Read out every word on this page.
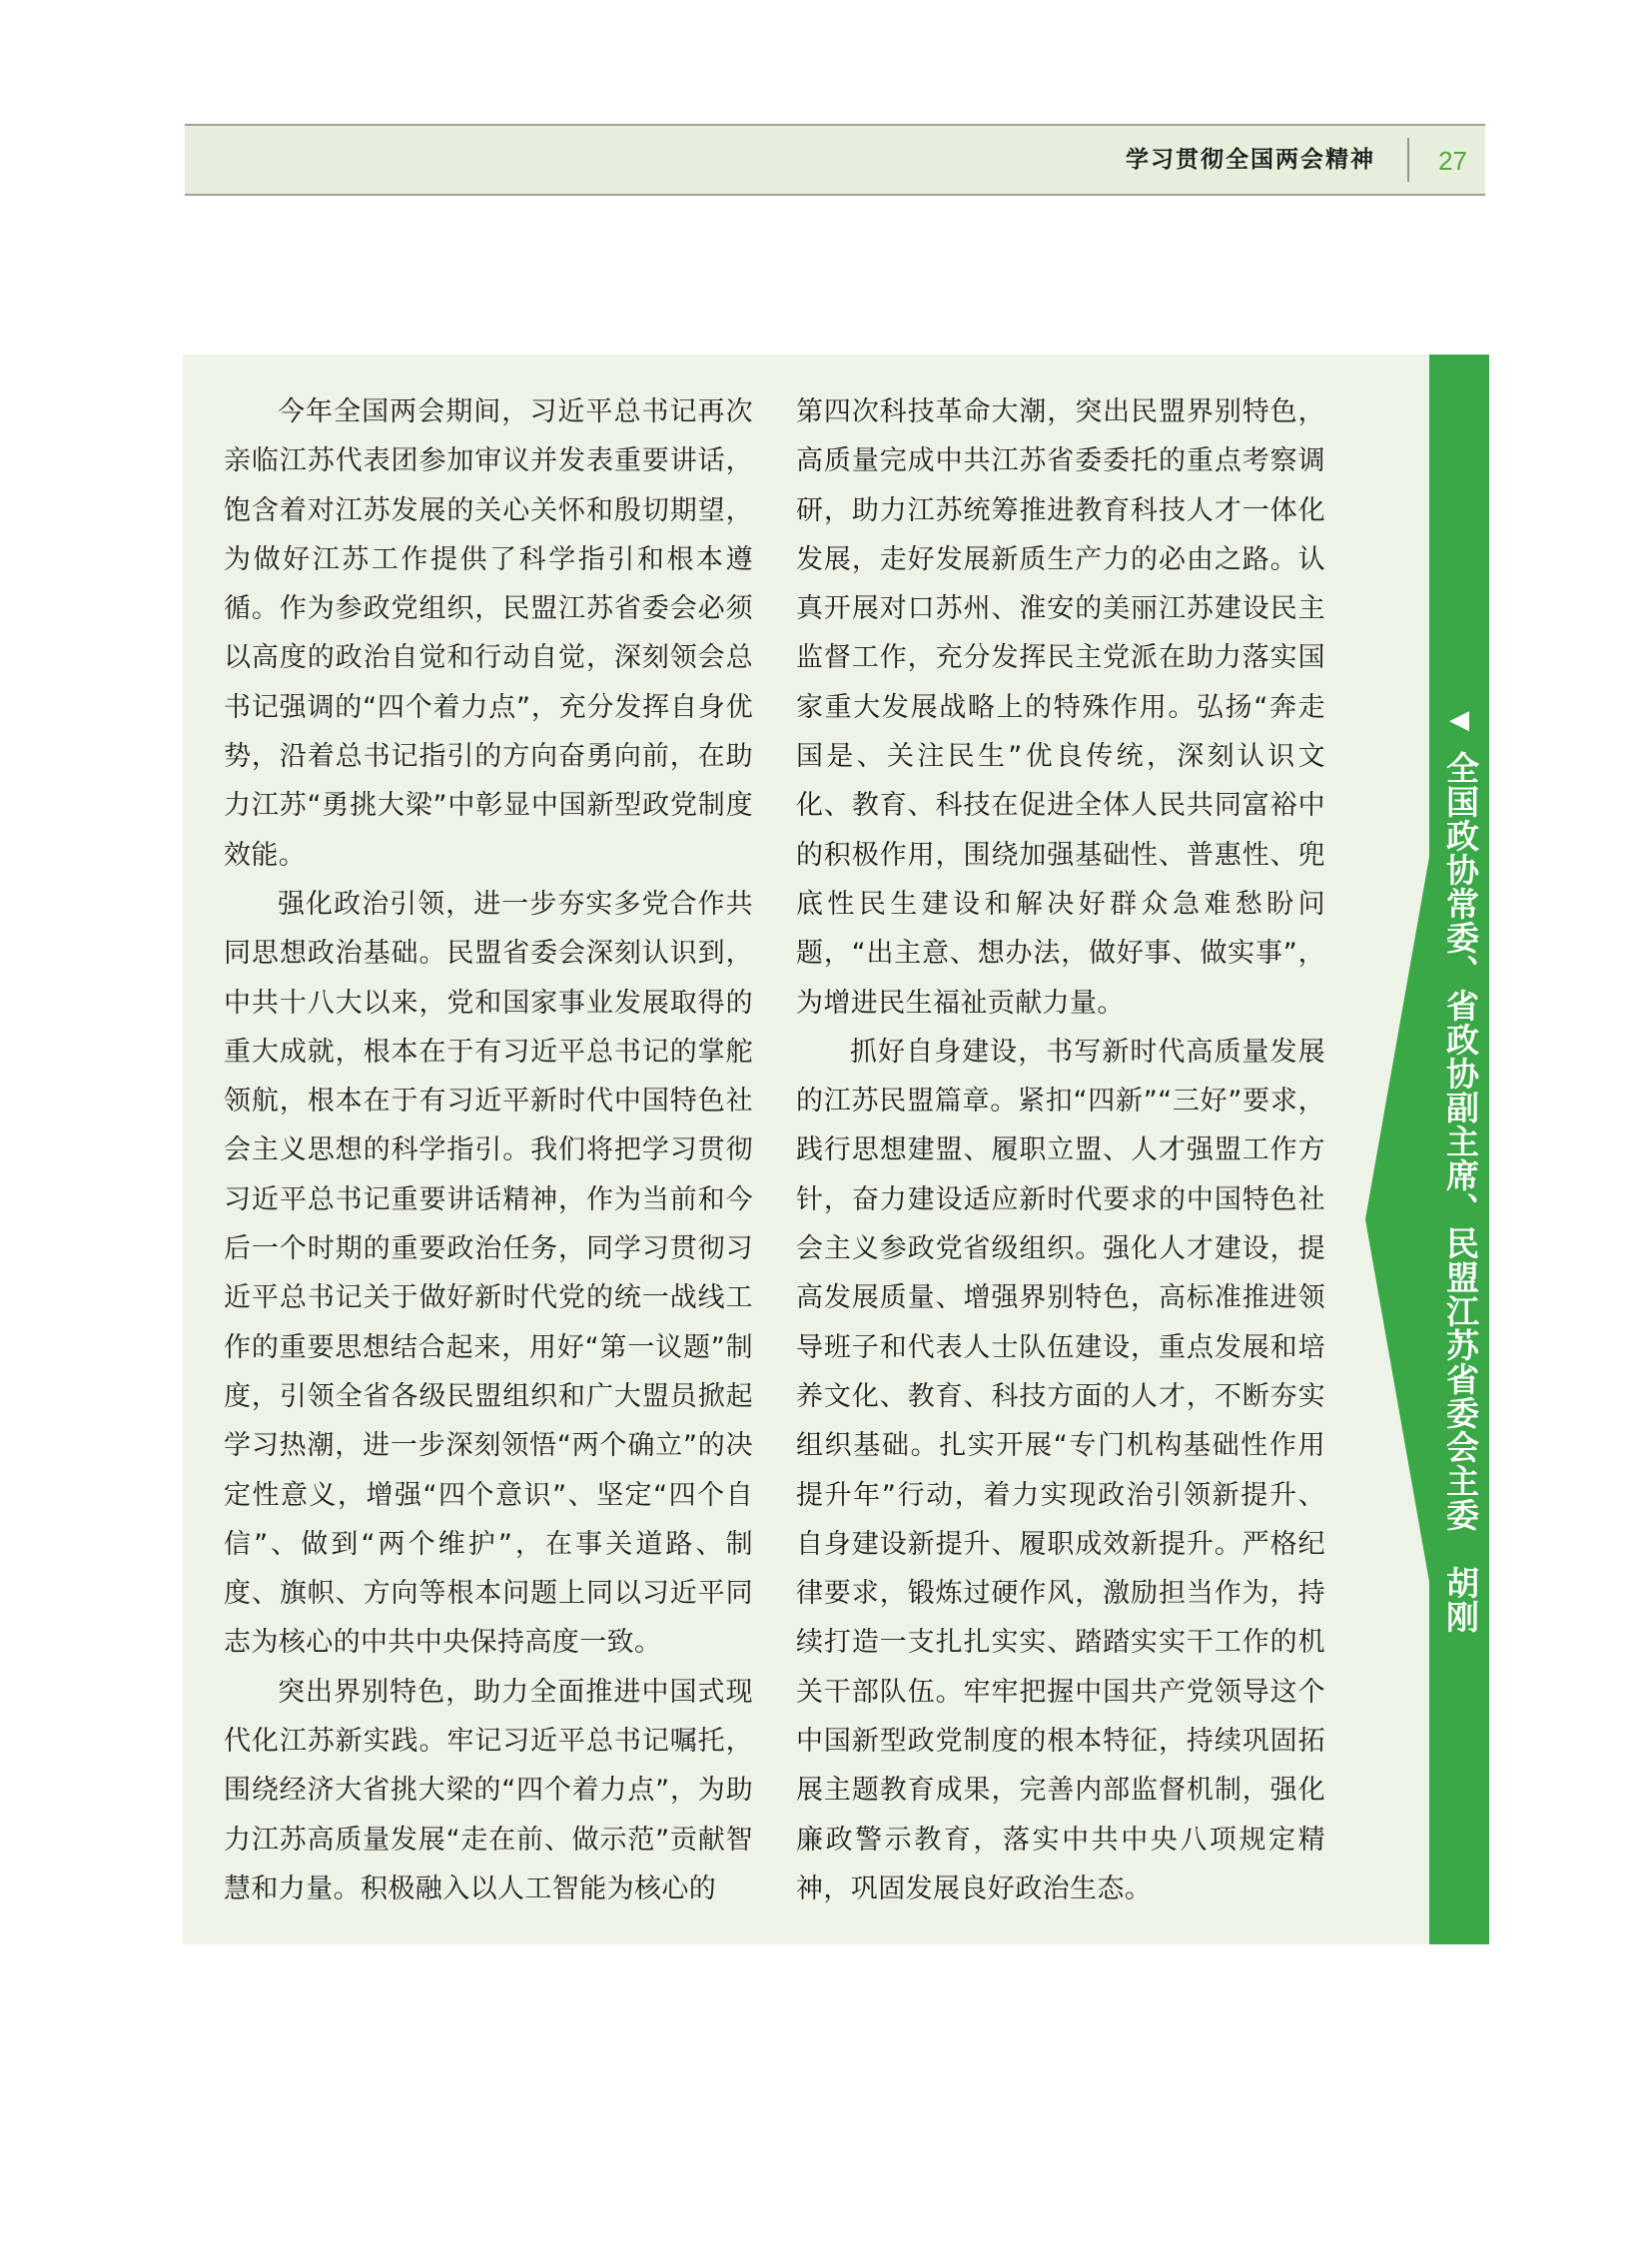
学习贯彻全国两会精神 27

今年全国两会期间，习近平总书记再次亲临江苏代表团参加审议并发表重要讲话，饱含着对江苏发展的关心关怀和殷切期望，为做好江苏工作提供了科学指引和根本遵循。作为参政党组织，民盟江苏省委会必须以高度的政治自觉和行动自觉，深刻领会总书记强调的“四个着力点”，充分发挥自身优势，沿着总书记指引的方向奋勇向前，在助力江苏“勇挑大梁”中彰显中国新型政党制度效能。

强化政治引领，进一步夯实多党合作共同思想政治基础。民盟省委会深刻认识到，中共十八大以来，党和国家事业发展取得的重大成就，根本在于有习近平总书记的掌舵领航，根本在于有习近平新时代中国特色社会主义思想的科学指引。我们将把学习贯彻习近平总书记重要讲话精神，作为当前和今后一个时期的重要政治任务，同学习贯彻习近平总书记关于做好新时代党的统一战线工作的重要思想结合起来，用好“第一议题”制度，引领全省各级民盟组织和广大盟员掀起学习热潮，进一步深刻领悟“两个确立”的决定性意义，增强“四个意识”、坚定“四个自信”、做到“两个维护”，在事关道路、制度、旗帜、方向等根本问题上同以习近平同志为核心的中共中央保持高度一致。

突出界别特色，助力全面推进中国式现代化江苏新实践。牢记习近平总书记嘱托，围绕经济大省挑大梁的“四个着力点”，为助力江苏高质量发展“走在前、做示范”贡献智慧和力量。积极融入以人工智能为核心的

第四次科技革命大潮，突出民盟界别特色，高质量完成中共江苏省委委托的重点考察调研，助力江苏统筹推进教育科技人才一体化发展，走好发展新质生产力的必由之路。认真开展对口苏州、淮安的美丽江苏建设民主监督工作，充分发挥民主党派在助力落实国家重大发展战略上的特殊作用。弘扬“奔走国是、关注民生”优良传统，深刻认识文化、教育、科技在促进全体人民共同富裕中的积极作用，围绕加强基础性、普惠性、兜底性民生建设和解决好群众急难愁盼问题，“出主意、想办法，做好事、做实事”，为增进民生福祉贡献力量。

抓好自身建设，书写新时代高质量发展的江苏民盟篇章。紧扣“四新”“三好”要求，践行思想建盟、履职立盟、人才强盟工作方针，奋力建设适应新时代要求的中国特色社会主义参政党省级组织。强化人才建设，提高发展质量、增强界别特色，高标准推进领导班子和代表人士队伍建设，重点发展和培养文化、教育、科技方面的人才，不断夯实组织基础。扎实开展“专门机构基础性作用提升年”行动，着力实现政治引领新提升、自身建设新提升、履职成效新提升。严格纪律要求，锻炼过硬作风，激励担当作为，持续打造一支扎扎实实、踏踏实实干工作的机关干部队伍。牢牢把握中国共产党领导这个中国新型政党制度的根本特征，持续巩固拓展主题教育成果，完善内部监督机制，强化廉政警示教育，落实中共中央八项规定精神，巩固发展良好政治生态。

◀
全国政协常委、省政协副主席、民盟江苏省委会主委　胡刚
